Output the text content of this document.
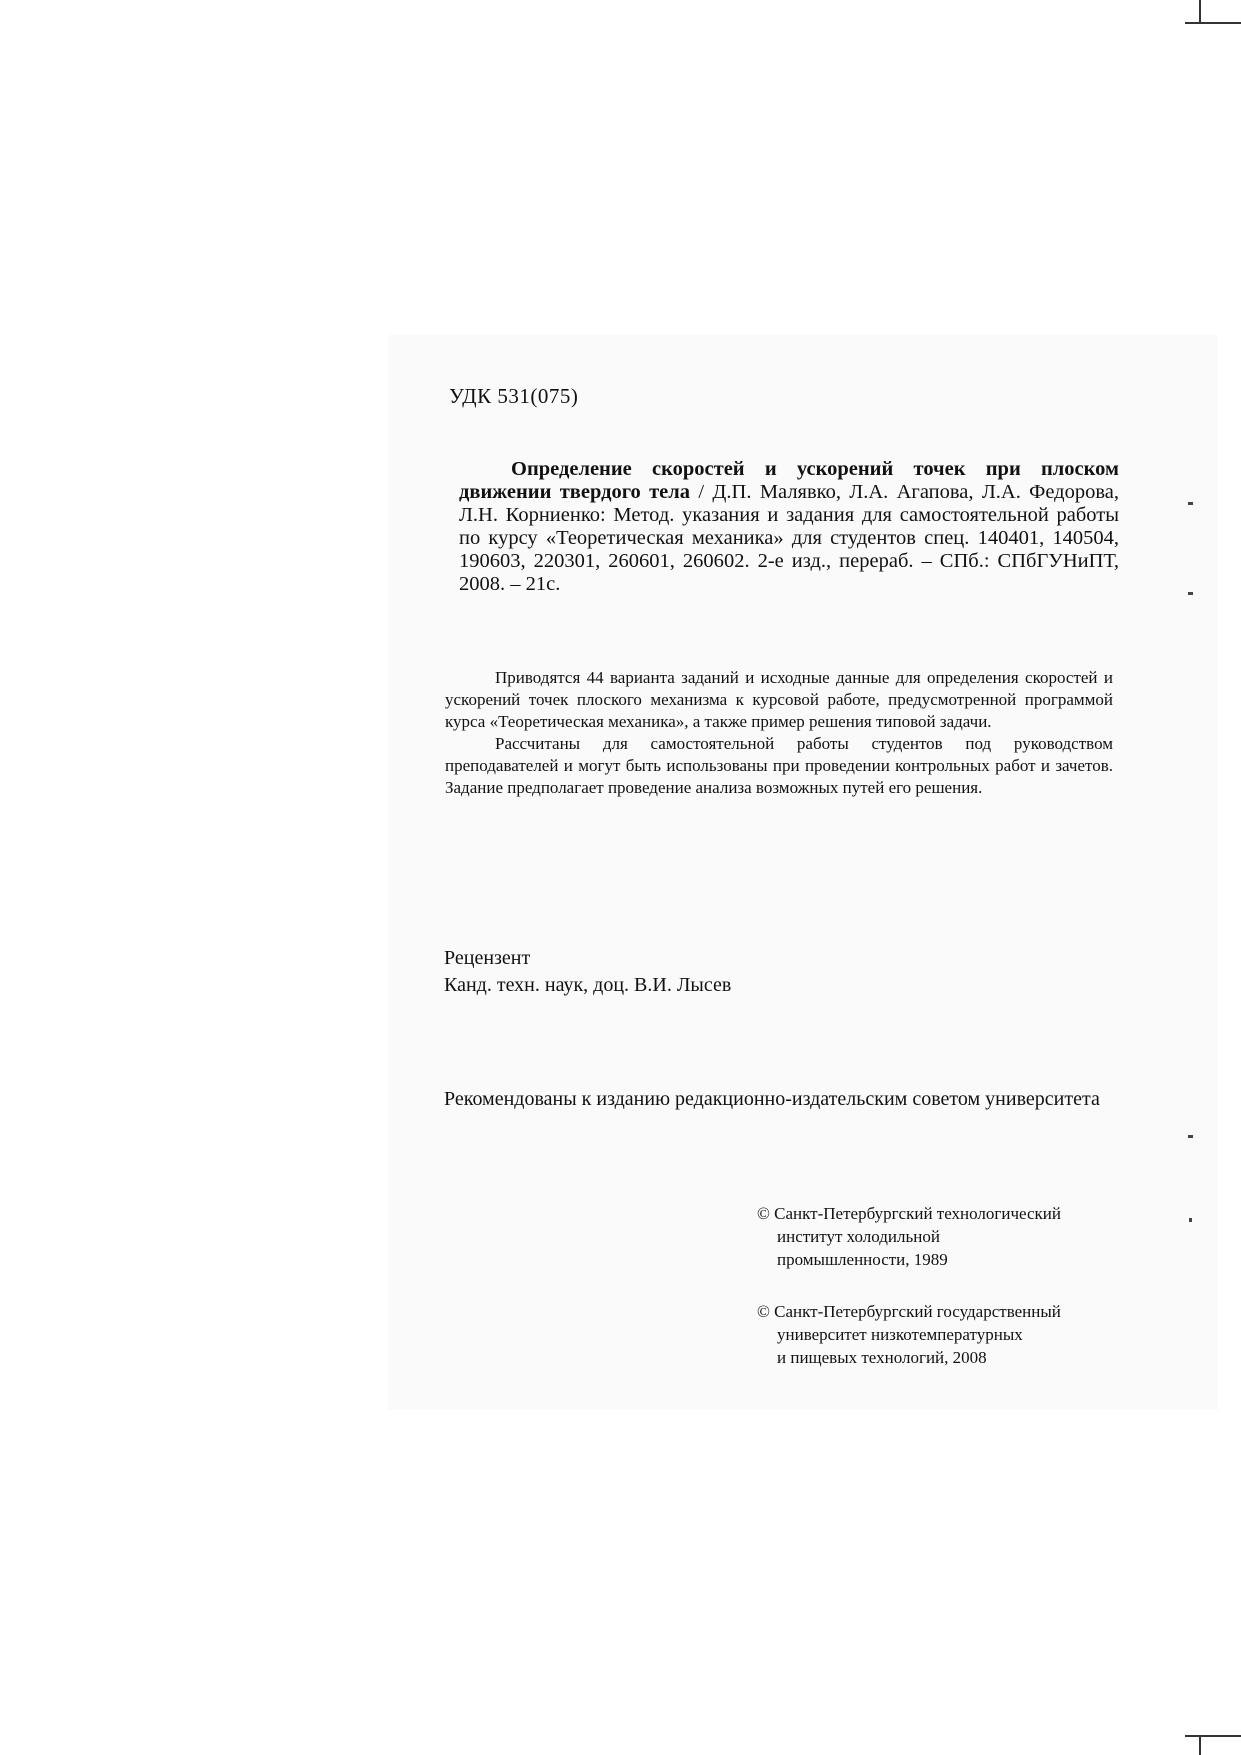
УДК 531(075)

Определение скоростей и ускорений точек при плоском движении твердого тела / Д.П. Малявко, Л.А. Агапова, Л.А. Федорова, Л.Н. Корниенко: Метод. указания и задания для самостоятельной работы по курсу «Теоретическая механика» для студентов спец. 140401, 140504, 190603, 220301, 260601, 260602. 2-е изд., перераб. – СПб.: СПбГУНиПТ, 2008. – 21с.

Приводятся 44 варианта заданий и исходные данные для определения скоростей и ускорений точек плоского механизма к курсовой работе, предусмотренной программой курса «Теоретическая механика», а также пример решения типовой задачи.

Рассчитаны для самостоятельной работы студентов под руководством преподавателей и могут быть использованы при проведении контрольных работ и зачетов. Задание предполагает проведение анализа возможных путей его решения.

Рецензент
Канд. техн. наук, доц. В.И. Лысев

Рекомендованы к изданию редакционно-издательским советом университета

© Санкт-Петербургский технологический
институт холодильной
промышленности, 1989
© Санкт-Петербургский государственный
университет низкотемпературных
и пищевых технологий, 2008
